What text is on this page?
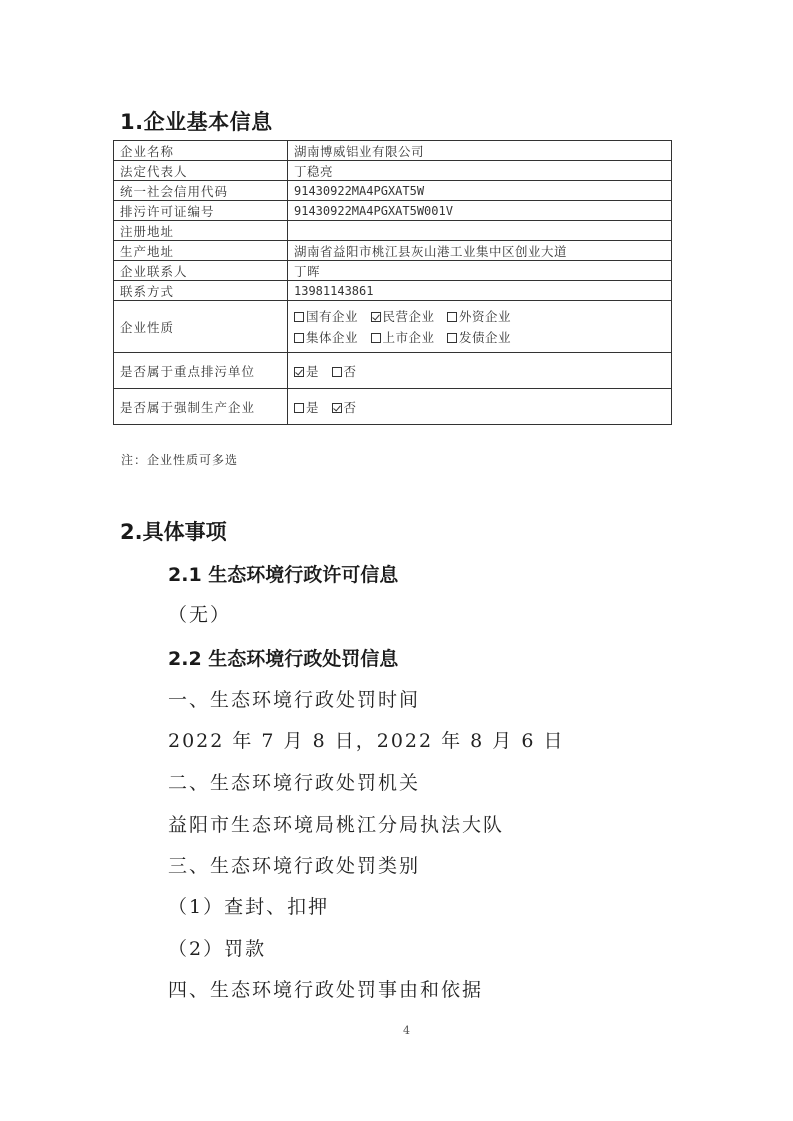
1.企业基本信息
企业名称	湖南博威铝业有限公司
法定代表人	丁稳亮
统一社会信用代码	91430922MA4PGXAT5W
排污许可证编号	91430922MA4PGXAT5W001V
注册地址	
生产地址	湖南省益阳市桃江县灰山港工业集中区创业大道
企业联系人	丁晖
联系方式	13981143861
企业性质	国有企业 民营企业 外资企业
集体企业 上市企业 发债企业

是否属于重点排污单位	是 否
是否属于强制生产企业	是 否
注：企业性质可多选
2.具体事项
2.1 生态环境行政许可信息
（无）
2.2 生态环境行政处罚信息
一、生态环境行政处罚时间
2022 年 7 月 8 日，2022 年 8 月 6 日
二、生态环境行政处罚机关
益阳市生态环境局桃江分局执法大队
三、生态环境行政处罚类别
（1）查封、扣押
（2）罚款
四、生态环境行政处罚事由和依据
4
